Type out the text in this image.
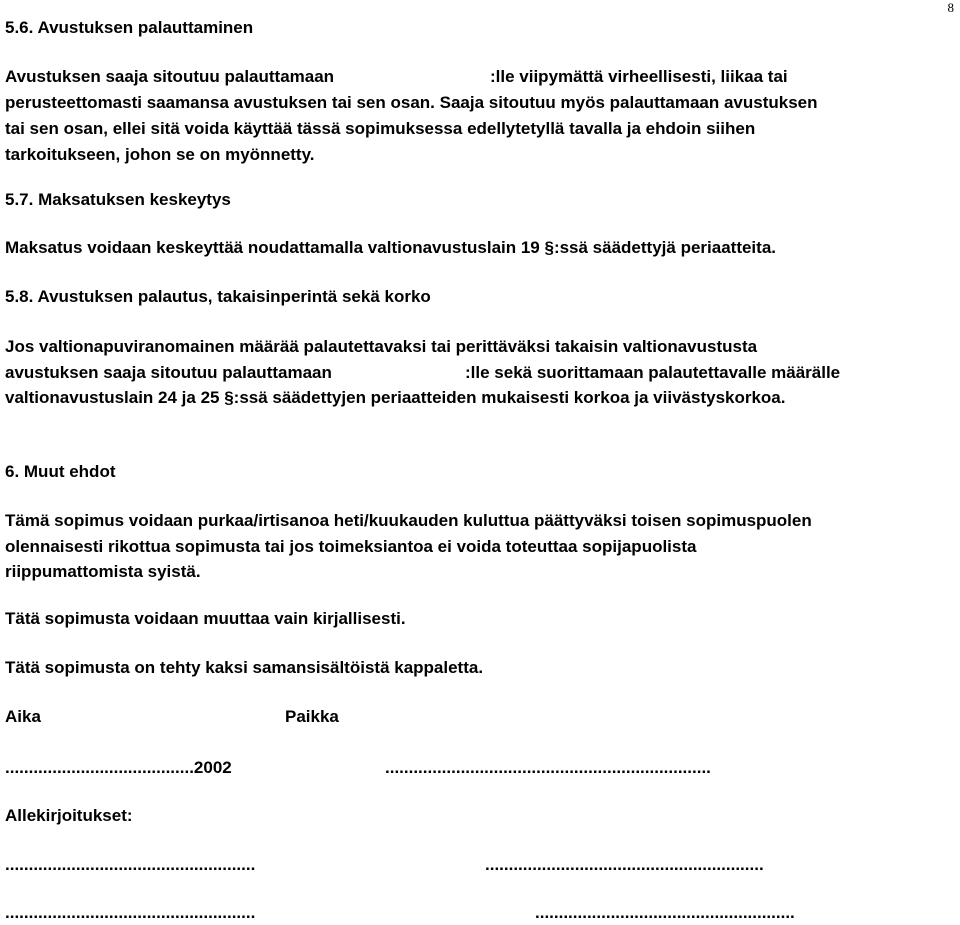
8
5.6. Avustuksen palauttaminen
Avustuksen saaja sitoutuu palauttamaan	:lle viipymättä virheellisesti, liikaa tai
perusteettomasti saamansa avustuksen tai sen osan. Saaja sitoutuu myös palauttamaan avustuksen
tai sen osan, ellei sitä voida käyttää tässä sopimuksessa edellytetyllä tavalla ja ehdoin siihen
tarkoitukseen, johon se on myönnetty.
5.7. Maksatuksen keskeytys
Maksatus voidaan keskeyttää noudattamalla valtionavustuslain 19 §:ssä säädettyjä periaatteita.
5.8. Avustuksen palautus, takaisinperintä sekä korko
Jos valtionapuviranomainen määrää palautettavaksi tai perittäväksi takaisin valtionavustusta
avustuksen saaja sitoutuu palauttamaan	:lle sekä suorittamaan palautettavalle määrälle
valtionavustuslain 24 ja 25 §:ssä säädettyjen periaatteiden mukaisesti korkoa ja viivästyskorkoa.
6. Muut ehdot
Tämä sopimus voidaan purkaa/irtisanoa heti/kuukauden kuluttua päättyväksi toisen sopimuspuolen
olennaisesti rikottua sopimusta tai jos toimeksiantoa ei voida toteuttaa sopijapuolista
riippumattomista syistä.
Tätä sopimusta voidaan muuttaa vain kirjallisesti.
Tätä sopimusta on tehty kaksi samansisältöistä kappaletta.
Aika	Paikka
........................................2002	.....................................................................
Allekirjoitukset:
.....................................................	...........................................................
.....................................................	.......................................................
